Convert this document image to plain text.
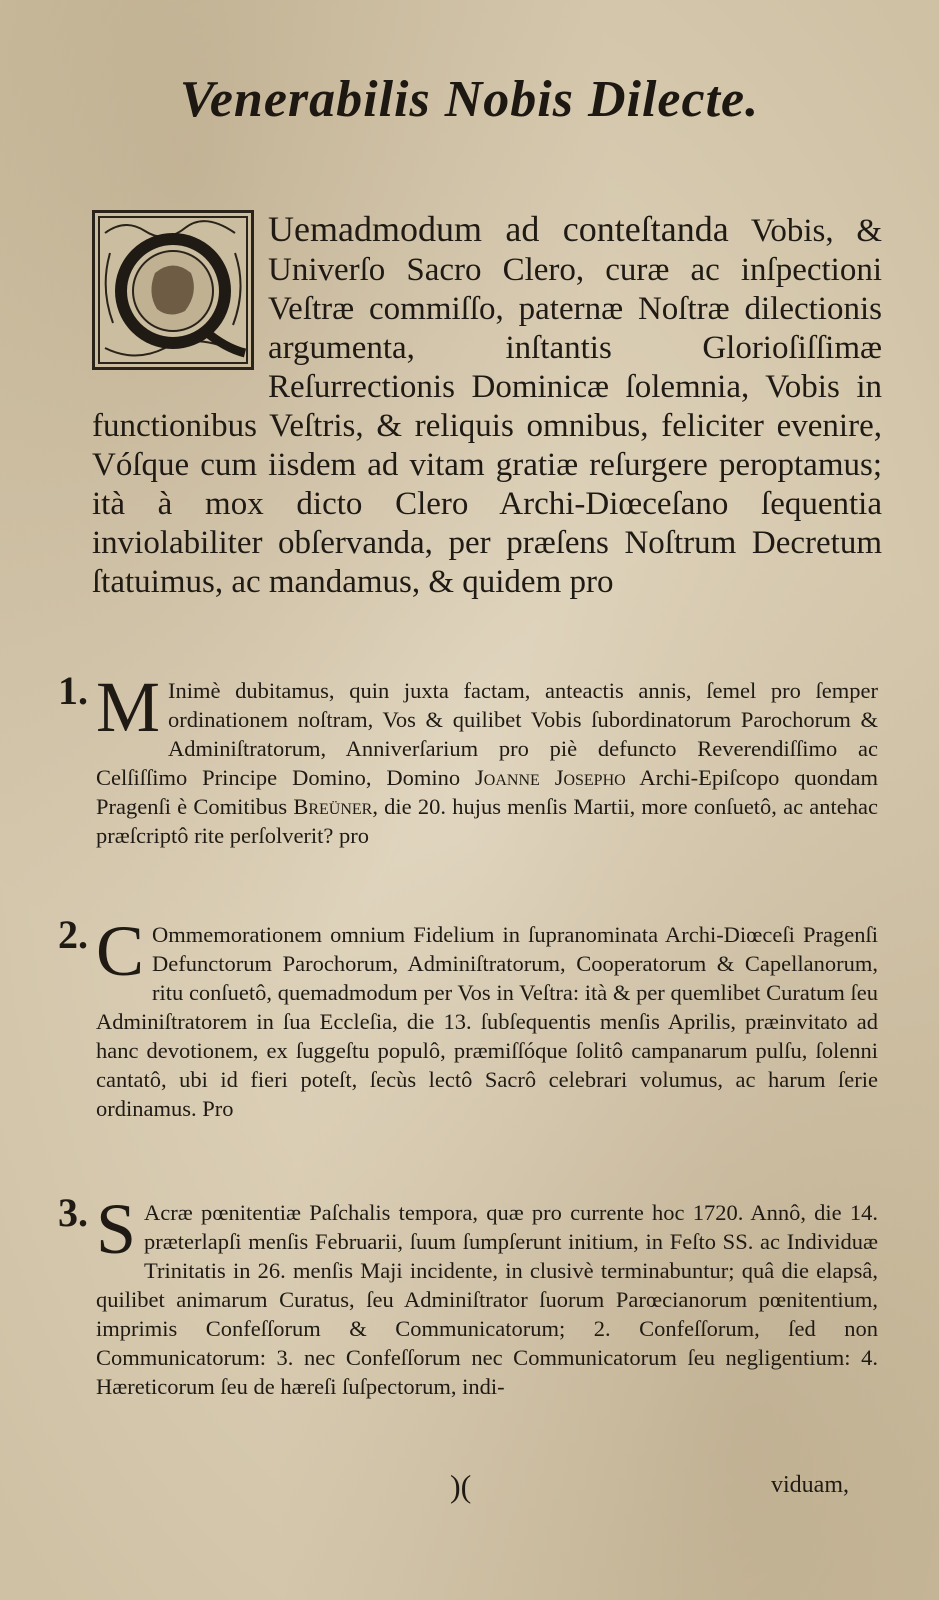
Venerabilis Nobis Dilecte.
Uemadmodum ad conteſtanda Vobis, & Univerſo Sacro Clero, curæ ac inſpectioni Veſtræ commiſſo, paternæ Noſtræ dilectionis argumenta, inſtantis Glorioſiſſimæ Reſurrectionis Dominicæ ſolemnia, Vobis in functionibus Veſtris, & reliquis omnibus, feliciter evenire, Vóſque cum iisdem ad vitam gratiæ reſurgere peroptamus; ità à mox dicto Clero Archi-Diœceſano ſequentia inviolabiliter obſervanda, per præſens Noſtrum Decretum ſtatuimus, ac mandamus, & quidem pro
1. M Inimè dubitamus, quin juxta factam, anteactis annis, ſemel pro ſemper ordinationem noſtram, Vos & quilibet Vobis ſubordinatorum Parochorum & Adminiſtratorum, Anniverſarium pro piè defuncto Reverendiſſimo ac Celſiſſimo Principe Domino, Domino Joanne Josepho Archi-Epiſcopo quondam Pragenſi è Comitibus Breüner, die 20. hujus menſis Martii, more conſuetô, ac antehac præſcriptô rite perſolverit? pro
2. C Ommemorationem omnium Fidelium in ſupranominata Archi-Diœceſi Pragenſi Defunctorum Parochorum, Adminiſtratorum, Cooperatorum & Capellanorum, ritu conſuetô, quemadmodum per Vos in Veſtra: ità & per quemlibet Curatum ſeu Adminiſtratorem in ſua Eccleſia, die 13. ſubſequentis menſis Aprilis, præinvitato ad hanc devotionem, ex ſuggeſtu populô, præmiſſóque ſolitô campanarum pulſu, ſolenni cantatô, ubi id fieri poteſt, ſecùs lectô Sacrô celebrari volumus, ac harum ſerie ordinamus. Pro
3. S Acræ pœnitentiæ Paſchalis tempora, quæ pro currente hoc 1720. Annô, die 14. præterlapſi menſis Februarii, ſuum ſumpſerunt initium, in Feſto SS. ac Individuæ Trinitatis in 26. menſis Maji incidente, in clusivè terminabuntur; quâ die elapsâ, quilibet animarum Curatus, ſeu Adminiſtrator ſuorum Parœcianorum pœnitentium, imprimis Confeſſorum & Communicatorum; 2. Confeſſorum, ſed non Communicatorum: 3. nec Confeſſorum nec Communicatorum ſeu negligentium: 4. Hæreticorum ſeu de hæreſi ſuſpectorum, indi-
)(	viduam,
